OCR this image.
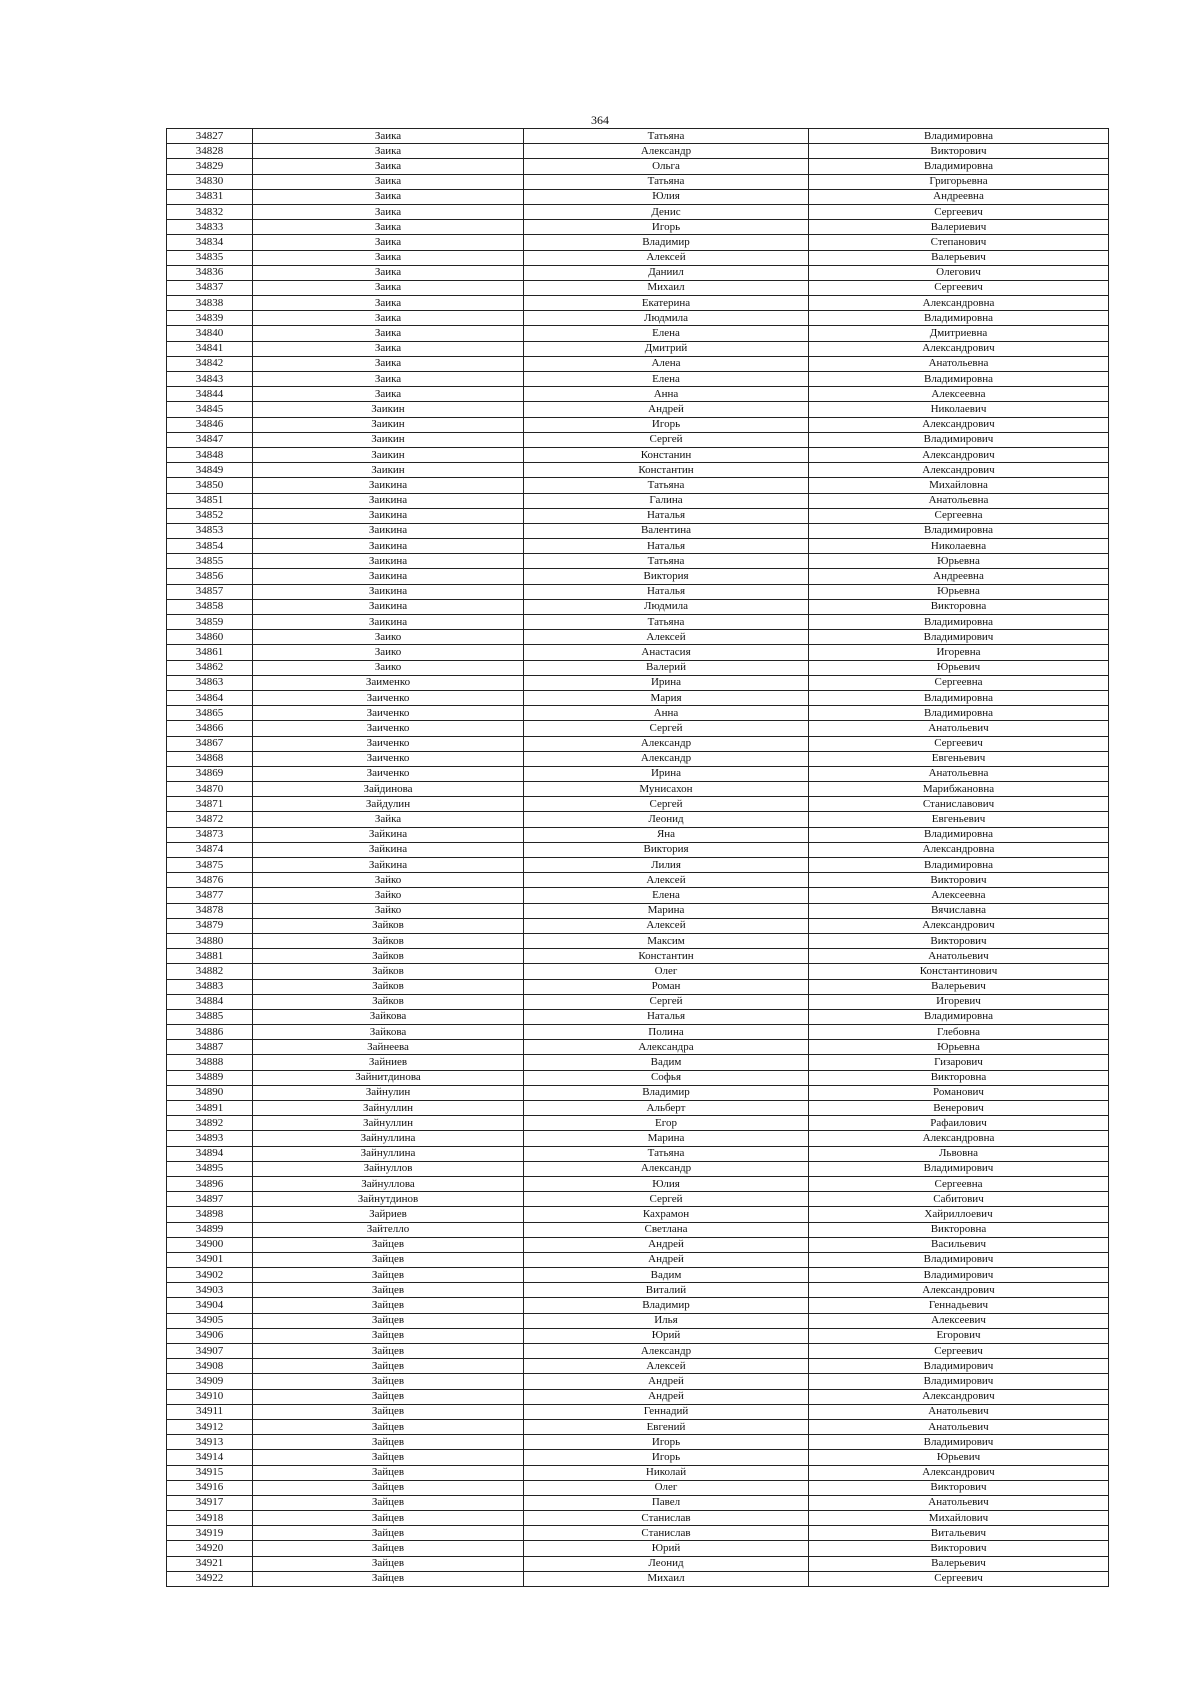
364
34827	Заика	Татьяна	Владимировна
34828	Заика	Александр	Викторович
34829	Заика	Ольга	Владимировна
34830	Заика	Татьяна	Григорьевна
34831	Заика	Юлия	Андреевна
34832	Заика	Денис	Сергеевич
34833	Заика	Игорь	Валериевич
34834	Заика	Владимир	Степанович
34835	Заика	Алексей	Валерьевич
34836	Заика	Даниил	Олегович
34837	Заика	Михаил	Сергеевич
34838	Заика	Екатерина	Александровна
34839	Заика	Людмила	Владимировна
34840	Заика	Елена	Дмитриевна
34841	Заика	Дмитрий	Александрович
34842	Заика	Алена	Анатольевна
34843	Заика	Елена	Владимировна
34844	Заика	Анна	Алексеевна
34845	Заикин	Андрей	Николаевич
34846	Заикин	Игорь	Александрович
34847	Заикин	Сергей	Владимирович
34848	Заикин	Констанин	Александрович
34849	Заикин	Константин	Александрович
34850	Заикина	Татьяна	Михайловна
34851	Заикина	Галина	Анатольевна
34852	Заикина	Наталья	Сергеевна
34853	Заикина	Валентина	Владимировна
34854	Заикина	Наталья	Николаевна
34855	Заикина	Татьяна	Юрьевна
34856	Заикина	Виктория	Андреевна
34857	Заикина	Наталья	Юрьевна
34858	Заикина	Людмила	Викторовна
34859	Заикина	Татьяна	Владимировна
34860	Заико	Алексей	Владимирович
34861	Заико	Анастасия	Игоревна
34862	Заико	Валерий	Юрьевич
34863	Заименко	Ирина	Сергеевна
34864	Заиченко	Мария	Владимировна
34865	Заиченко	Анна	Владимировна
34866	Заиченко	Сергей	Анатольевич
34867	Заиченко	Александр	Сергеевич
34868	Заиченко	Александр	Евгеньевич
34869	Заиченко	Ирина	Анатольевна
34870	Зайдинова	Мунисахон	Марибжановна
34871	Зайдулин	Сергей	Станиславович
34872	Зайка	Леонид	Евгеньевич
34873	Зайкина	Яна	Владимировна
34874	Зайкина	Виктория	Александровна
34875	Зайкина	Лилия	Владимировна
34876	Зайко	Алексей	Викторович
34877	Зайко	Елена	Алексеевна
34878	Зайко	Марина	Вячиславна
34879	Зайков	Алексей	Александрович
34880	Зайков	Максим	Викторович
34881	Зайков	Константин	Анатольевич
34882	Зайков	Олег	Константинович
34883	Зайков	Роман	Валерьевич
34884	Зайков	Сергей	Игоревич
34885	Зайкова	Наталья	Владимировна
34886	Зайкова	Полина	Глебовна
34887	Зайнеева	Александра	Юрьевна
34888	Зайниев	Вадим	Гизарович
34889	Зайнитдинова	Софья	Викторовна
34890	Зайнулин	Владимир	Романович
34891	Зайнуллин	Альберт	Венерович
34892	Зайнуллин	Егор	Рафаилович
34893	Зайнуллина	Марина	Александровна
34894	Зайнуллина	Татьяна	Львовна
34895	Зайнуллов	Александр	Владимирович
34896	Зайнуллова	Юлия	Сергеевна
34897	Зайнутдинов	Сергей	Сабитович
34898	Зайриев	Кахрамон	Хайриллоевич
34899	Зайтелло	Светлана	Викторовна
34900	Зайцев	Андрей	Васильевич
34901	Зайцев	Андрей	Владимирович
34902	Зайцев	Вадим	Владимирович
34903	Зайцев	Виталий	Александрович
34904	Зайцев	Владимир	Геннадьевич
34905	Зайцев	Илья	Алексеевич
34906	Зайцев	Юрий	Егорович
34907	Зайцев	Александр	Сергеевич
34908	Зайцев	Алексей	Владимирович
34909	Зайцев	Андрей	Владимирович
34910	Зайцев	Андрей	Александрович
34911	Зайцев	Геннадий	Анатольевич
34912	Зайцев	Евгений	Анатольевич
34913	Зайцев	Игорь	Владимирович
34914	Зайцев	Игорь	Юрьевич
34915	Зайцев	Николай	Александрович
34916	Зайцев	Олег	Викторович
34917	Зайцев	Павел	Анатольевич
34918	Зайцев	Станислав	Михайлович
34919	Зайцев	Станислав	Витальевич
34920	Зайцев	Юрий	Викторович
34921	Зайцев	Леонид	Валерьевич
34922	Зайцев	Михаил	Сергеевич
